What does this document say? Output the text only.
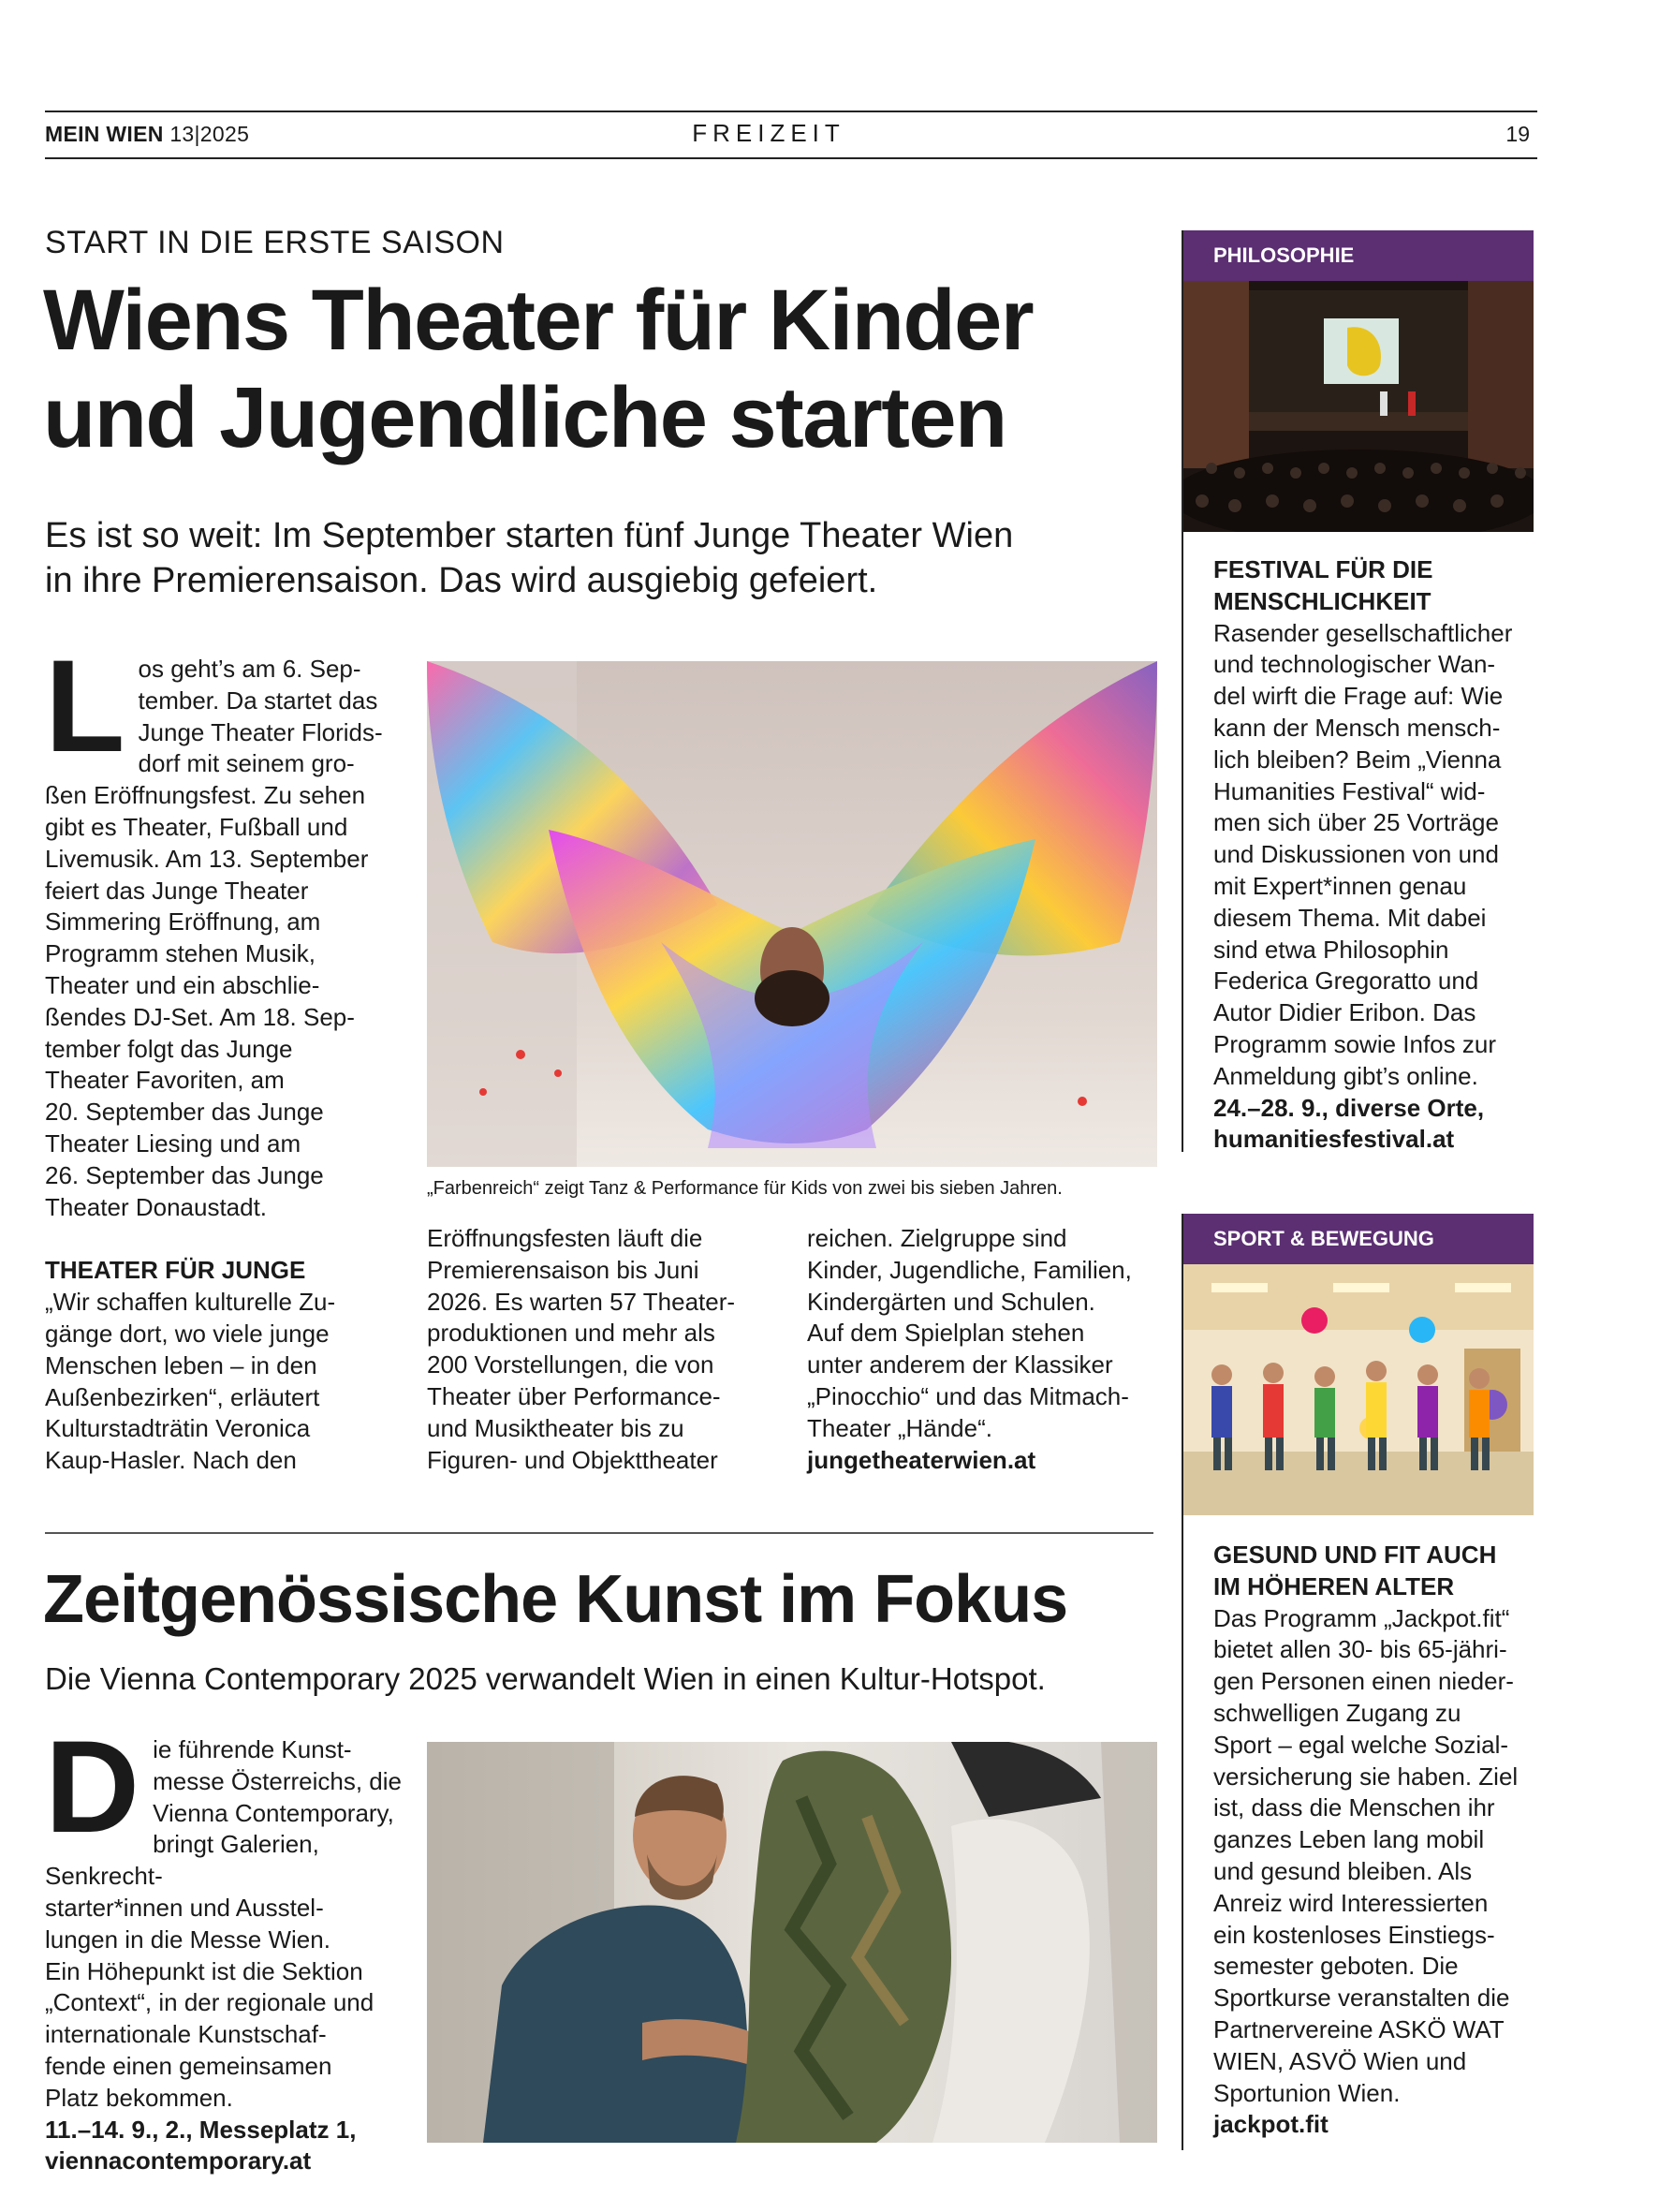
MEIN WIEN 13|2025	FREIZEIT	19
START IN DIE ERSTE SAISON
Wiens Theater für Kinder
und Jugendliche starten
Es ist so weit: Im September starten fünf Junge Theater Wien
in ihre Premierensaison. Das wird ausgiebig gefeiert.
L os geht’s am 6. Sep-
tember. Da startet das
Junge Theater Florids-
dorf mit seinem gro-
ßen Eröffnungsfest. Zu sehen
gibt es Theater, Fußball und
Livemusik. Am 13. September
feiert das Junge Theater
Simmering Eröffnung, am
Programm stehen Musik,
Theater und ein abschlie-
ßendes DJ-Set. Am 18. Sep-
tember folgt das Junge
Theater Favoriten, am
20. September das Junge
Theater Liesing und am
26. September das Junge
Theater Donaustadt.
THEATER FÜR JUNGE
„Wir schaffen kulturelle Zu-
gänge dort, wo viele junge
Menschen leben – in den
Außenbezirken“, erläutert
Kulturstadträtin Veronica
Kaup-Hasler. Nach den
„Farbenreich“ zeigt Tanz & Performance für Kids von zwei bis sieben Jahren.
Eröffnungsfesten läuft die
Premierensaison bis Juni
2026. Es warten 57 Theater-
produktionen und mehr als
200 Vorstellungen, die von
Theater über Performance-
und Musiktheater bis zu
Figuren- und Objekttheater
reichen. Zielgruppe sind
Kinder, Jugendliche, Familien,
Kindergärten und Schulen.
Auf dem Spielplan stehen
unter anderem der Klassiker
„Pinocchio“ und das Mitmach-
Theater „Hände“.
jungetheaterwien.at
Zeitgenössische Kunst im Fokus
Die Vienna Contemporary 2025 verwandelt Wien in einen Kultur-Hotspot.
D ie führende Kunst-
messe Österreichs, die
Vienna Contemporary,
bringt Galerien, Senkrecht-
starter*innen und Ausstel-
lungen in die Messe Wien.
Ein Höhepunkt ist die Sektion
„Context“, in der regionale und
internationale Kunstschaf-
fende einen gemeinsamen
Platz bekommen.
11.–14. 9., 2., Messeplatz 1,
viennacontemporary.at
PHILOSOPHIE
FESTIVAL FÜR DIE
MENSCHLICHKEIT
Rasender gesellschaftlicher
und technologischer Wan-
del wirft die Frage auf: Wie
kann der Mensch mensch-
lich bleiben? Beim „Vienna
Humanities Festival“ wid-
men sich über 25 Vorträge
und Diskussionen von und
mit Expert*innen genau
diesem Thema. Mit dabei
sind etwa Philosophin
Federica Gregoratto und
Autor Didier Eribon. Das
Programm sowie Infos zur
Anmeldung gibt’s online.
24.–28. 9., diverse Orte,
humanitiesfestival.at
SPORT & BEWEGUNG
GESUND UND FIT AUCH
IM HÖHEREN ALTER
Das Programm „Jackpot.fit“
bietet allen 30- bis 65-jähri-
gen Personen einen nieder-
schwelligen Zugang zu
Sport – egal welche Sozial-
versicherung sie haben. Ziel
ist, dass die Menschen ihr
ganzes Leben lang mobil
und gesund bleiben. Als
Anreiz wird Interessierten
ein kostenloses Einstiegs-
semester geboten. Die
Sportkurse veranstalten die
Partnervereine ASKÖ WAT
WIEN, ASVÖ Wien und
Sportunion Wien.
jackpot.fit
